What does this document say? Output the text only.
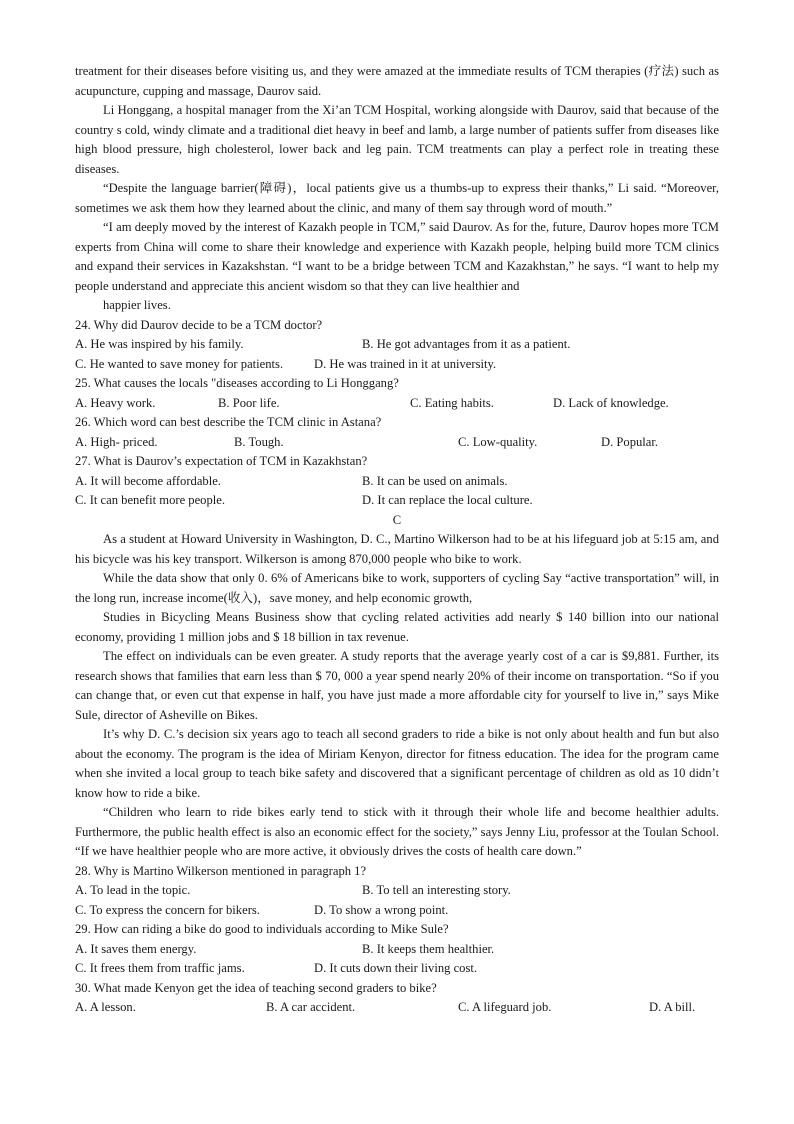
treatment for their diseases before visiting us, and they were amazed at the immediate results of TCM therapies (疗法) such as acupuncture, cupping and massage, Daurov said.

Li Honggang, a hospital manager from the Xi’an TCM Hospital, working alongside with Daurov, said that because of the country s cold, windy climate and a traditional diet heavy in beef and lamb, a large number of patients suffer from diseases like high blood pressure, high cholesterol, lower back and leg pain. TCM treatments can play a perfect role in treating these diseases.

“Despite the language barrier(障碍)，local patients give us a thumbs-up to express their thanks,” Li said. “Moreover, sometimes we ask them how they learned about the clinic, and many of them say through word of mouth.”

“I am deeply moved by the interest of Kazakh people in TCM,” said Daurov. As for the, future, Daurov hopes more TCM experts from China will come to share their knowledge and experience with Kazakh people, helping build more TCM clinics and expand their services in Kazakshstan. “I want to be a bridge between TCM and Kazakhstan,” he says. “I want to help my people understand and appreciate this ancient wisdom so that they can live healthier and

happier lives.

24. Why did Daurov decide to be a TCM doctor?

A. He was inspired by his family.	B. He got advantages from it as a patient.
C. He wanted to save money for patients. D. He was trained in it at university.

25. What causes the locals "diseases according to Li Honggang?

A. Heavy work.	B. Poor life.	C. Eating habits.	D. Lack of knowledge.

26. Which word can best describe the TCM clinic in Astana?

A. High- priced.	B. Tough.	C. Low-quality.	D. Popular.

27. What is Daurov’s expectation of TCM in Kazakhstan?

A. It will become affordable.	B. It can be used on animals.
C. It can benefit more people.	D. It can replace the local culture.

C

As a student at Howard University in Washington, D. C., Martino Wilkerson had to be at his lifeguard job at 5:15 am, and his bicycle was his key transport. Wilkerson is among 870,000 people who bike to work.

While the data show that only 0. 6% of Americans bike to work, supporters of cycling Say “active transportation” will, in the long run, increase income(收入)，save money, and help economic growth,

Studies in Bicycling Means Business show that cycling related activities add nearly $ 140 billion into our national economy, providing 1 million jobs and $ 18 billion in tax revenue.

The effect on individuals can be even greater. A study reports that the average yearly cost of a car is $9,881. Further, its research shows that families that earn less than $ 70, 000 a year spend nearly 20% of their income on transportation. “So if you can change that, or even cut that expense in half, you have just made a more affordable city for yourself to live in,” says Mike Sule, director of Asheville on Bikes.

It’s why D. C.’s decision six years ago to teach all second graders to ride a bike is not only about health and fun but also about the economy. The program is the idea of Miriam Kenyon, director for fitness education. The idea for the program came when she invited a local group to teach bike safety and discovered that a significant percentage of children as old as 10 didn’t know how to ride a bike.

“Children who learn to ride bikes early tend to stick with it through their whole life and become healthier adults. Furthermore, the public health effect is also an economic effect for the society,” says Jenny Liu, professor at the Toulan School. “If we have healthier people who are more active, it obviously drives the costs of health care down.”

28. Why is Martino Wilkerson mentioned in paragraph 1?

A. To lead in the topic.	B. To tell an interesting story.
C. To express the concern for bikers.	D. To show a wrong point.

29. How can riding a bike do good to individuals according to Mike Sule?

A. It saves them energy.	B. It keeps them healthier.
C. It frees them from traffic jams.	D. It cuts down their living cost.

30. What made Kenyon get the idea of teaching second graders to bike?

A. A lesson.	B. A car accident.	C. A lifeguard job.	D. A bill.
